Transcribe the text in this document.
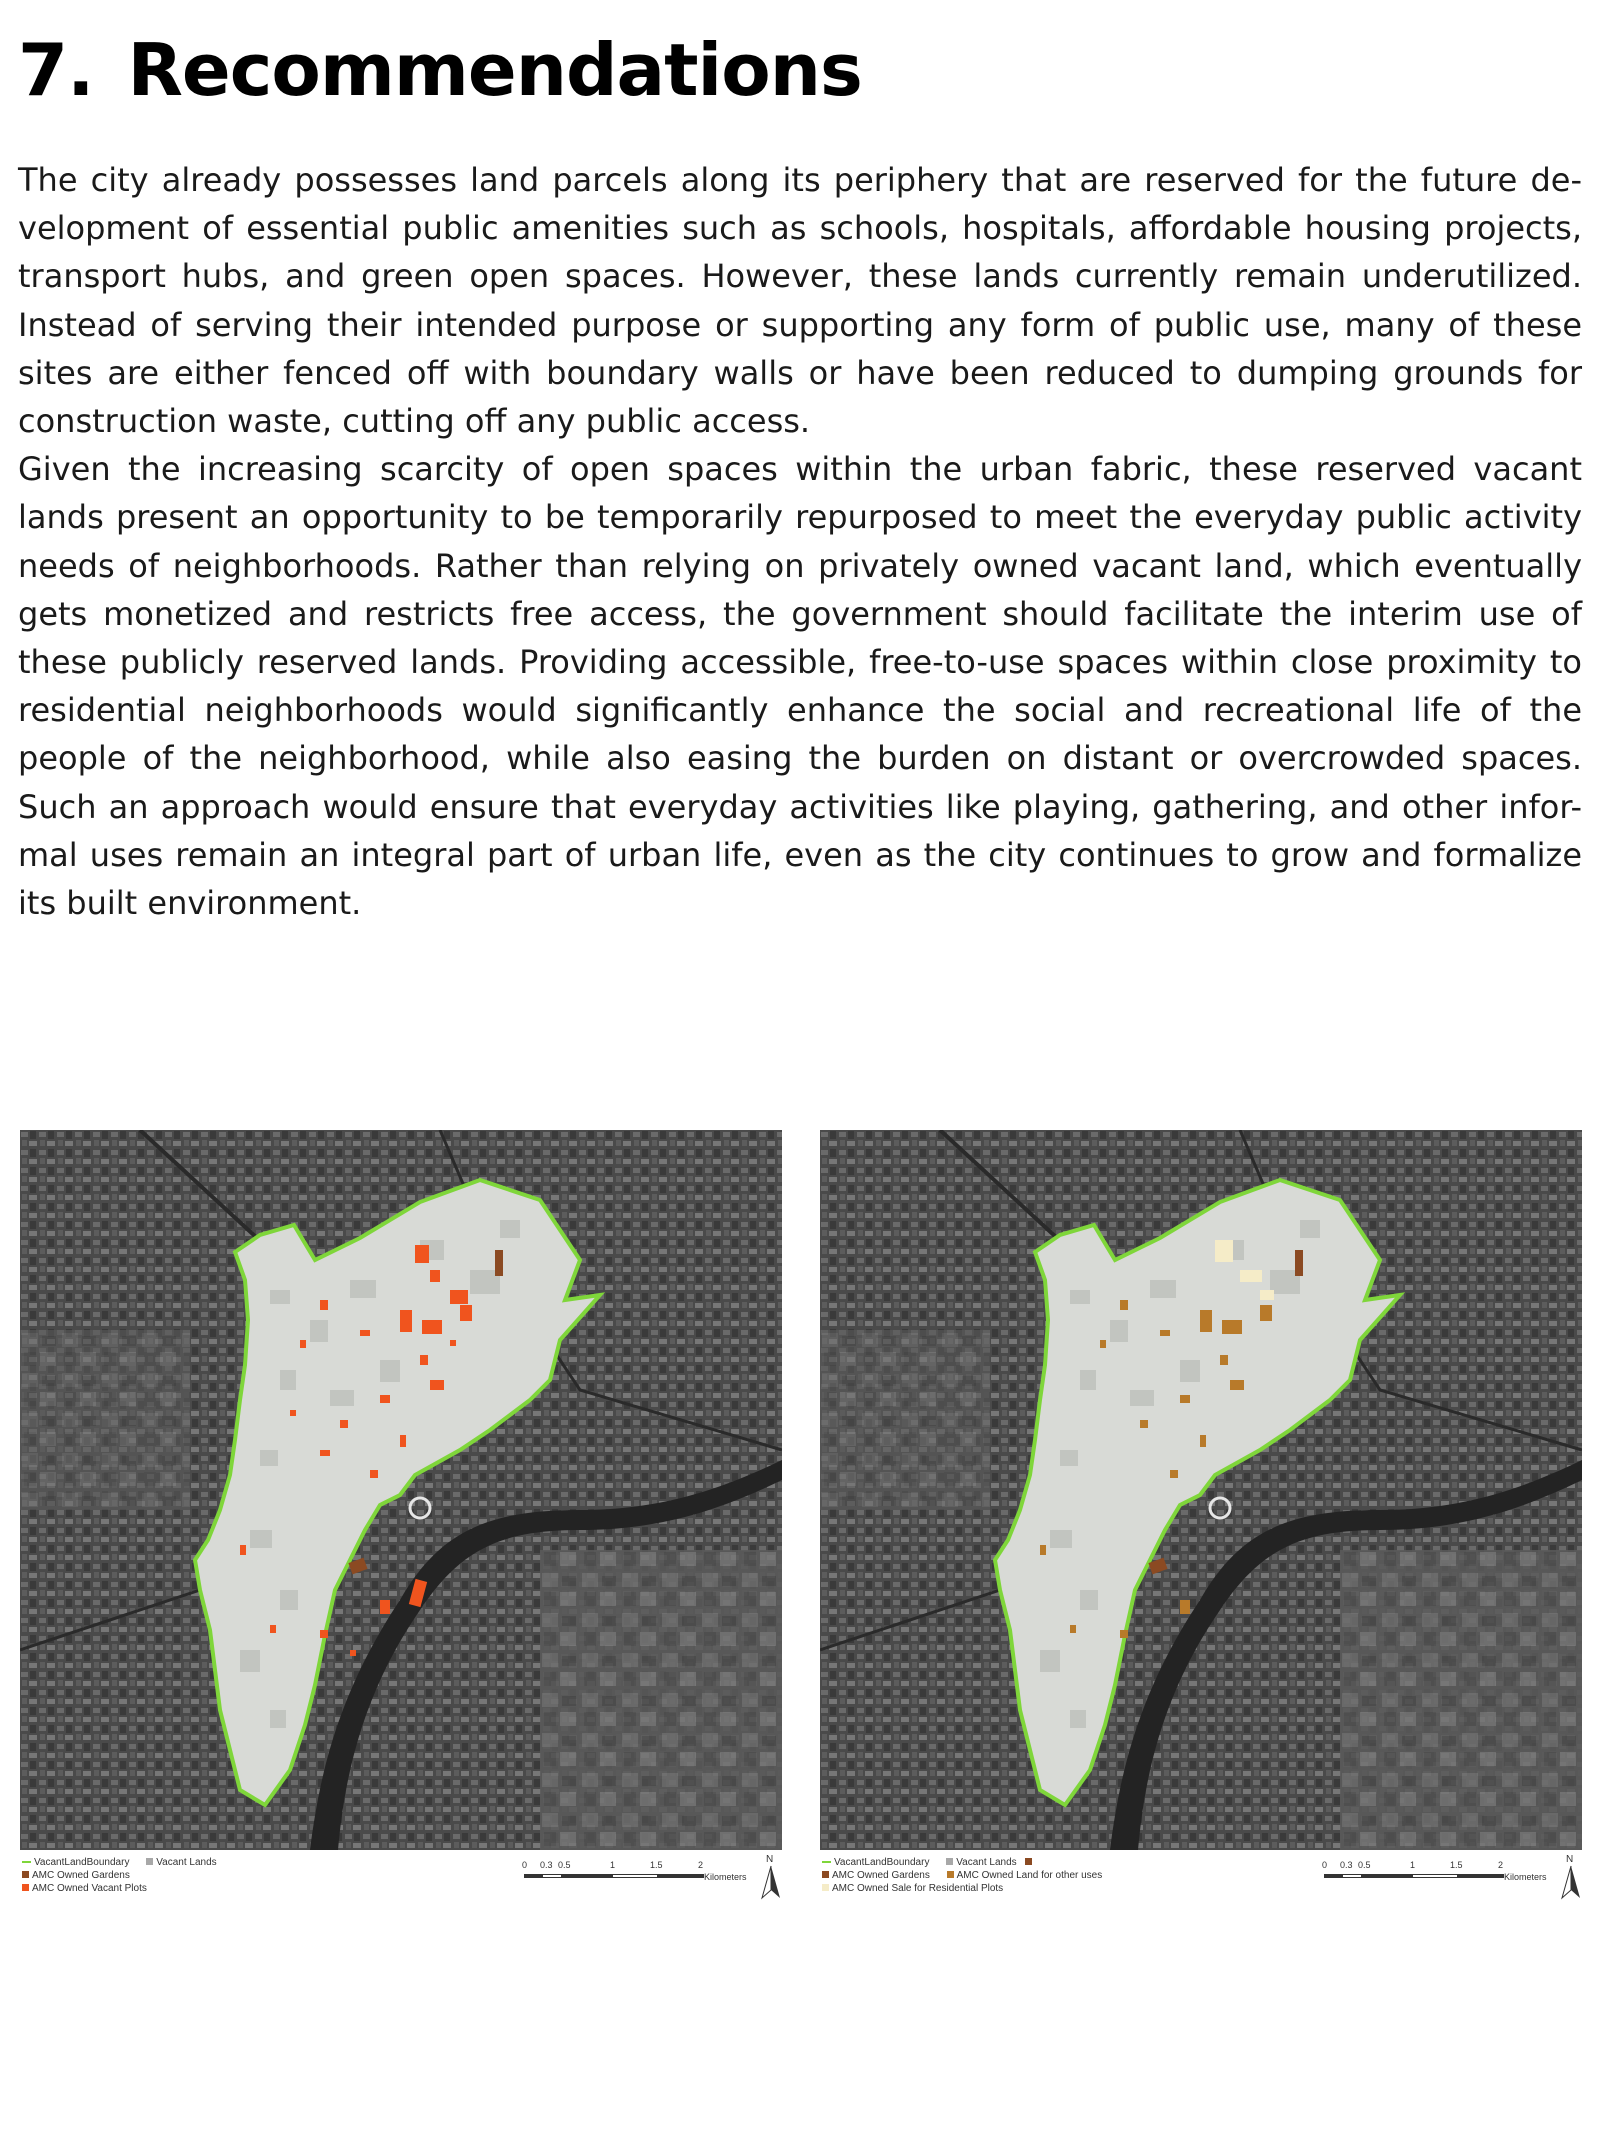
7. Recommendations

The city already possesses land parcels along its periphery that are reserved for the future de-velopment of essential public amenities such as schools, hospitals, affordable housing projects, transport hubs, and green open spaces. However, these lands currently remain underutilized. Instead of serving their intended purpose or supporting any form of public use, many of these sites are either fenced off with boundary walls or have been reduced to dumping grounds for construction waste, cutting off any public access.

Given the increasing scarcity of open spaces within the urban fabric, these reserved vacant lands present an opportunity to be temporarily repurposed to meet the everyday public activity needs of neighborhoods. Rather than relying on privately owned vacant land, which eventually gets monetized and restricts free access, the government should facilitate the interim use of these publicly reserved lands. Providing accessible, free-to-use spaces within close proximity to residential neighborhoods would significantly enhance the social and recreational life of the people of the neighborhood, while also easing the burden on distant or overcrowded spaces. Such an approach would ensure that everyday activities like playing, gathering, and other infor-mal uses remain an integral part of urban life, even as the city continues to grow and formalize its built environment.

VacantLandBoundary	Vacant Lands
AMC Owned Gardens
AMC Owned Vacant Plots
0 0.3 0.5	1	1.5	2
Kilometers
N	VacantLandBoundary	Vacant Lands
AMC Owned Gardens	AMC Owned Land for other uses
AMC Owned Sale for Residential Plots
0 0.3 0.5	1	1.5	2
Kilometers
N
